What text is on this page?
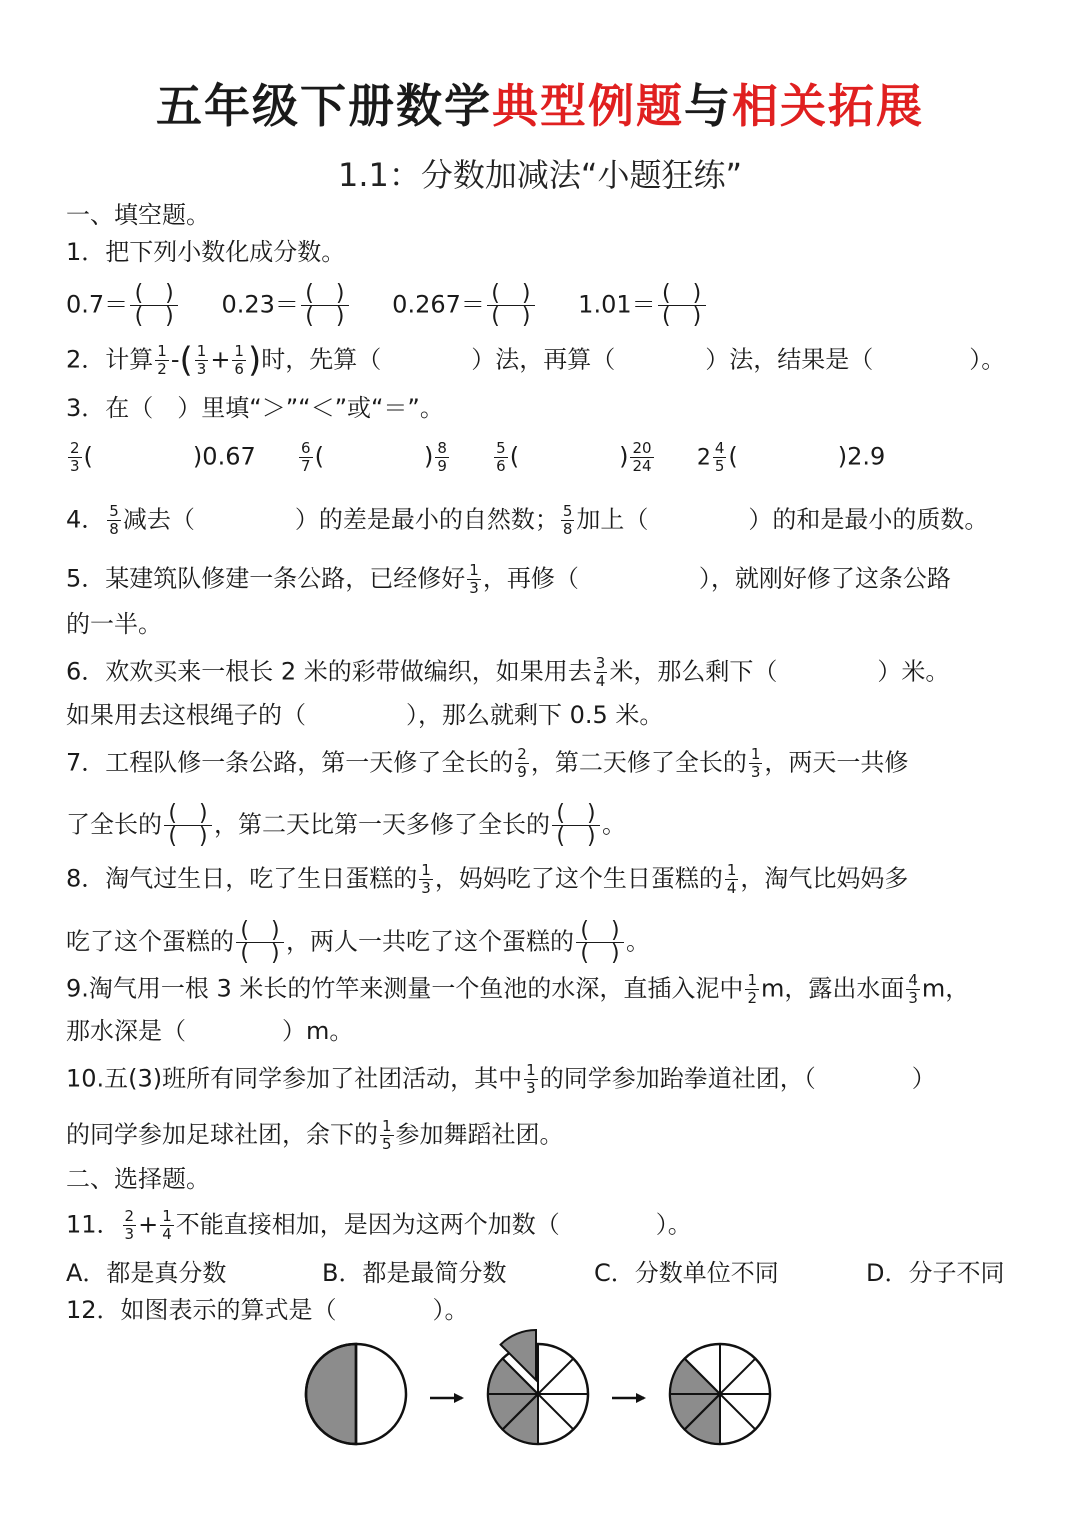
五年级下册数学典型例题与相关拓展
1.1：分数加减法“小题狂练”
一、填空题。
1．把下列小数化成分数。
$0.7= \frac{( )}{( )} 0.23= \frac{( )}{( )} 0.267= \frac{( )}{( )} 1.01= \frac{( )}{( )}$
2．计算 $\frac{1}{2}$ -( $\frac{1}{3} + \frac{1}{6}$ )时，先算（	）法，再算（	）法，结果是（	）。
3．在（　）里填“＞”“＜”或“＝”。
$\frac{2}{3}$ (	)0.67	$\frac{6}{7}$ (	) $\frac{8}{9}$
	$\frac{5}{6}$ (	) $\frac{20}{24} 2 \frac{4}{5}$ (	)2.9
4． $\frac{5}{8}$ 减去（	）的差是最小的自然数； $\frac{5}{8}$ 加上（	）的和是最小的质数。
5．某建筑队修建一条公路，已经修好 $\frac{1}{3}$ ，再修（	），就刚好修了这条公路
的一半。
6．欢欢买来一根长 2 米的彩带做编织，如果用去 $\frac{3}{4}$ 米，那么剩下（	）米。
如果用去这根绳子的（	），那么就剩下 0.5 米。
7．工程队修一条公路，第一天修了全长的 $\frac{2}{9}$ ，第二天修了全长的 $\frac{1}{3}$ ，两天一共修
了全长的 $\frac{( )}{( )}$ ，第二天比第一天多修了全长的 $\frac{( )}{( )}$ 。
8．淘气过生日，吃了生日蛋糕的 $\frac{1}{3}$ ，妈妈吃了这个生日蛋糕的 $\frac{1}{4}$ ，淘气比妈妈多
吃了这个蛋糕的 $\frac{( )}{( )}$ ，两人一共吃了这个蛋糕的 $\frac{( )}{( )}$ 。
9.淘气用一根 3 米长的竹竿来测量一个鱼池的水深，直插入泥中 $\frac{1}{2}$ m，露出水面 $\frac{4}{3}$ m，
那水深是（　　　　）m。
10.五(3)班所有同学参加了社团活动，其中 $\frac{1}{3}$ 的同学参加跆拳道社团，（	）
的同学参加足球社团，余下的 $\frac{1}{5}$ 参加舞蹈社团。
二、选择题。
11． $\frac{2}{3} + \frac{1}{4}$ 不能直接相加，是因为这两个加数（　　　　）。
A．都是真分数	B．都是最简分数	C．分数单位不同	D．分子不同
12．如图表示的算式是（　　　　）。
